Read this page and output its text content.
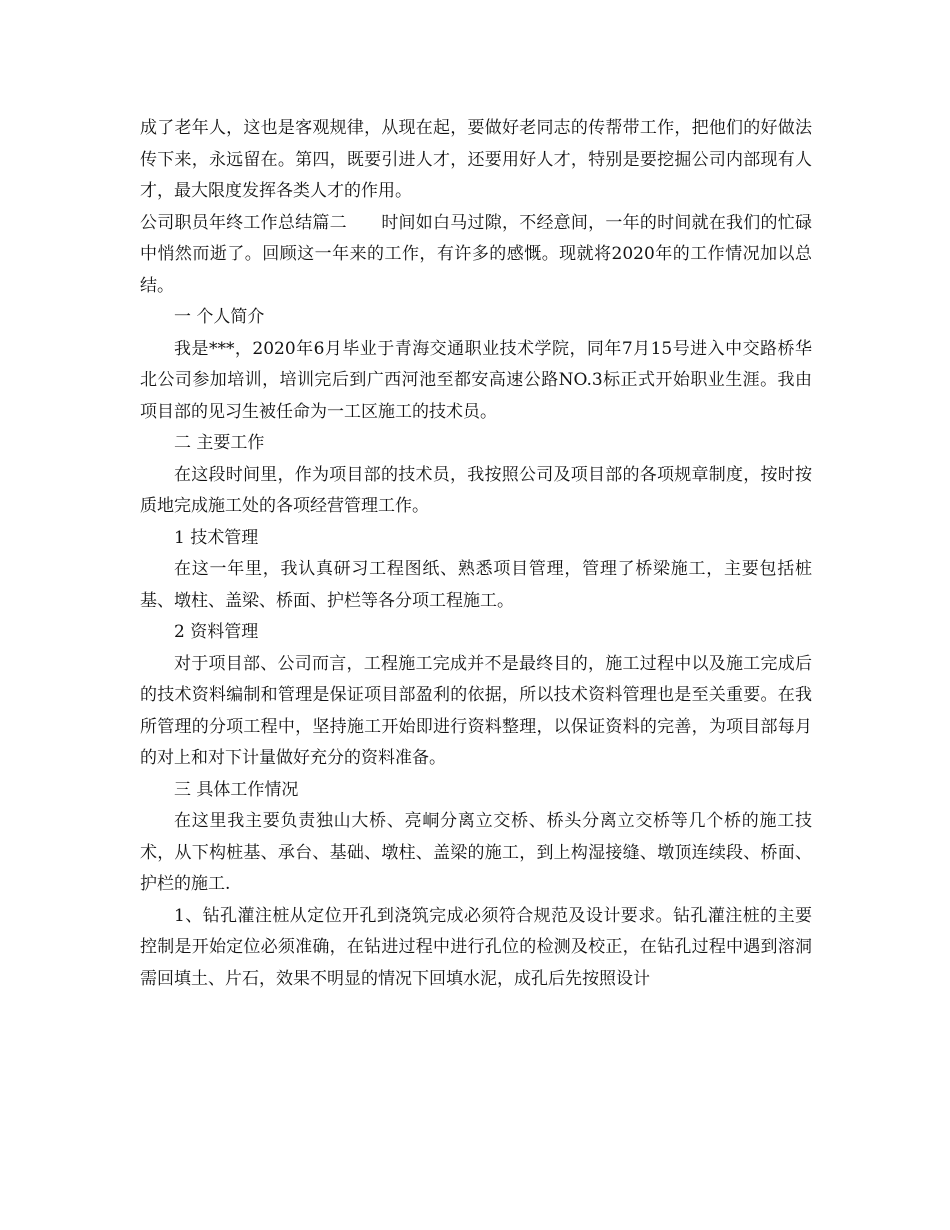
成了老年人，这也是客观规律，从现在起，要做好老同志的传帮带工作，把他们的好做法传下来，永远留在。第四，既要引进人才，还要用好人才，特别是要挖掘公司内部现有人才，最大限度发挥各类人才的作用。

公司职员年终工作总结篇二　　时间如白马过隙，不经意间，一年的时间就在我们的忙碌中悄然而逝了。回顾这一年来的工作，有许多的感慨。现就将2020年的工作情况加以总结。

一 个人简介

我是***，2020年6月毕业于青海交通职业技术学院，同年7月15号进入中交路桥华北公司参加培训，培训完后到广西河池至都安高速公路NO.3标正式开始职业生涯。我由项目部的见习生被任命为一工区施工的技术员。

二 主要工作

在这段时间里，作为项目部的技术员，我按照公司及项目部的各项规章制度，按时按质地完成施工处的各项经营管理工作。

1 技术管理

在这一年里，我认真研习工程图纸、熟悉项目管理，管理了桥梁施工，主要包括桩基、墩柱、盖梁、桥面、护栏等各分项工程施工。

2 资料管理

对于项目部、公司而言，工程施工完成并不是最终目的，施工过程中以及施工完成后的技术资料编制和管理是保证项目部盈利的依据，所以技术资料管理也是至关重要。在我所管理的分项工程中，坚持施工开始即进行资料整理，以保证资料的完善，为项目部每月的对上和对下计量做好充分的资料准备。

三 具体工作情况

在这里我主要负责独山大桥、亮峒分离立交桥、桥头分离立交桥等几个桥的施工技术，从下构桩基、承台、基础、墩柱、盖梁的施工，到上构湿接缝、墩顶连续段、桥面、护栏的施工.

1、钻孔灌注桩从定位开孔到浇筑完成必须符合规范及设计要求。钻孔灌注桩的主要控制是开始定位必须准确，在钻进过程中进行孔位的检测及校正，在钻孔过程中遇到溶洞需回填土、片石，效果不明显的情况下回填水泥，成孔后先按照设计
